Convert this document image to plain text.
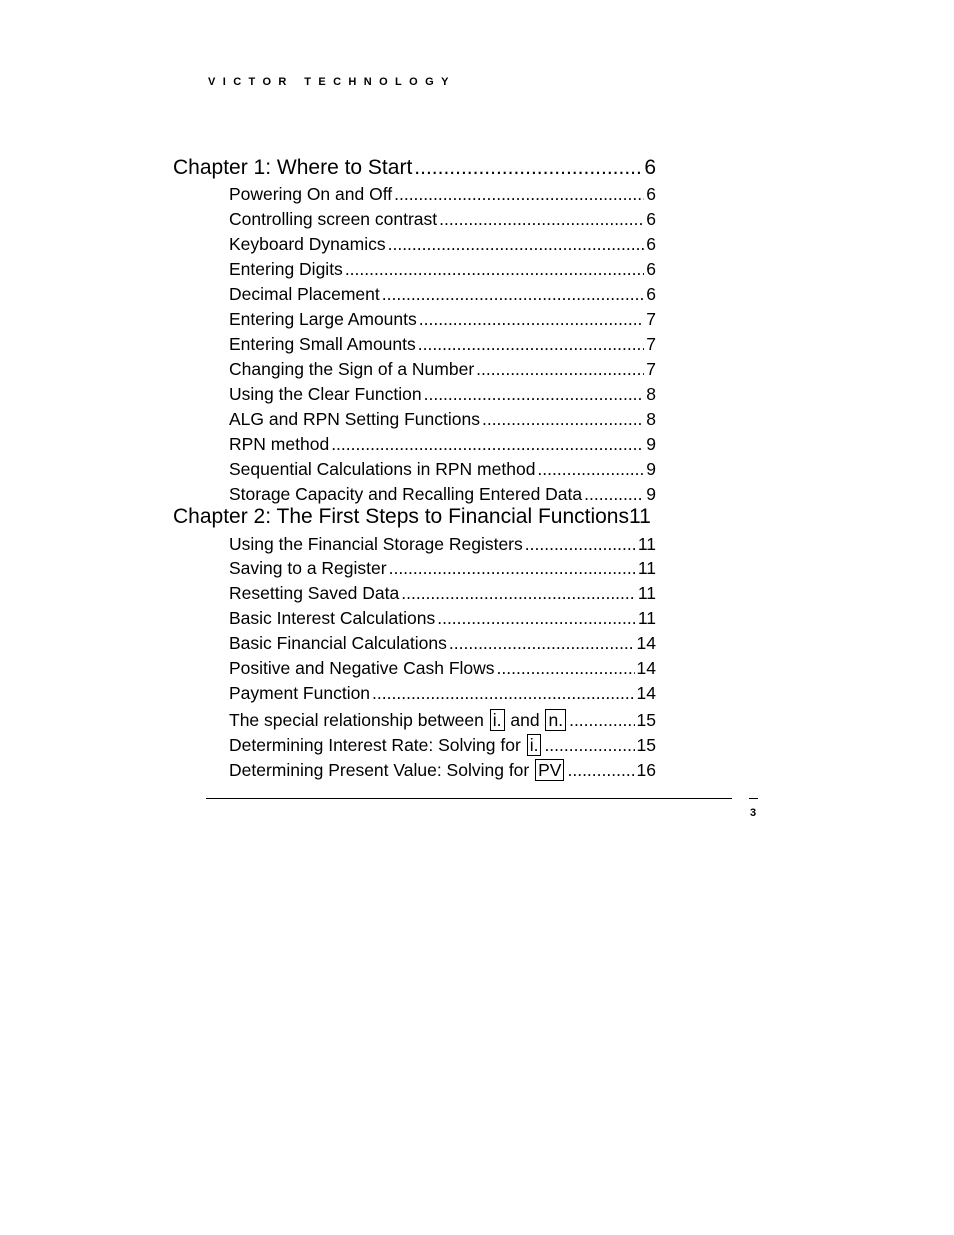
VICTOR TECHNOLOGY
Chapter 1: Where to Start .....	6
Powering On and Off .....	6
Controlling screen contrast .....	6
Keyboard Dynamics .....	6
Entering Digits .....	6
Decimal Placement .....	6
Entering Large Amounts .....	7
Entering Small Amounts .....	7
Changing the Sign of a Number .....	7
Using the Clear Function .....	8
ALG and RPN Setting Functions .....	8
RPN method .....	9
Sequential Calculations in RPN method .....	9
Storage Capacity and Recalling Entered Data .....	9
Chapter 2: The First Steps to Financial Functions 11
Using the Financial Storage Registers .....	11
Saving to a Register .....	11
Resetting Saved Data .....	11
Basic Interest Calculations .....	11
Basic Financial Calculations .....	14
Positive and Negative Cash Flows .....	14
Payment Function .....	14
The special relationship between i. and n. .....	15
Determining Interest Rate: Solving for i. .....	15
Determining Present Value: Solving for PV .....	16
3
